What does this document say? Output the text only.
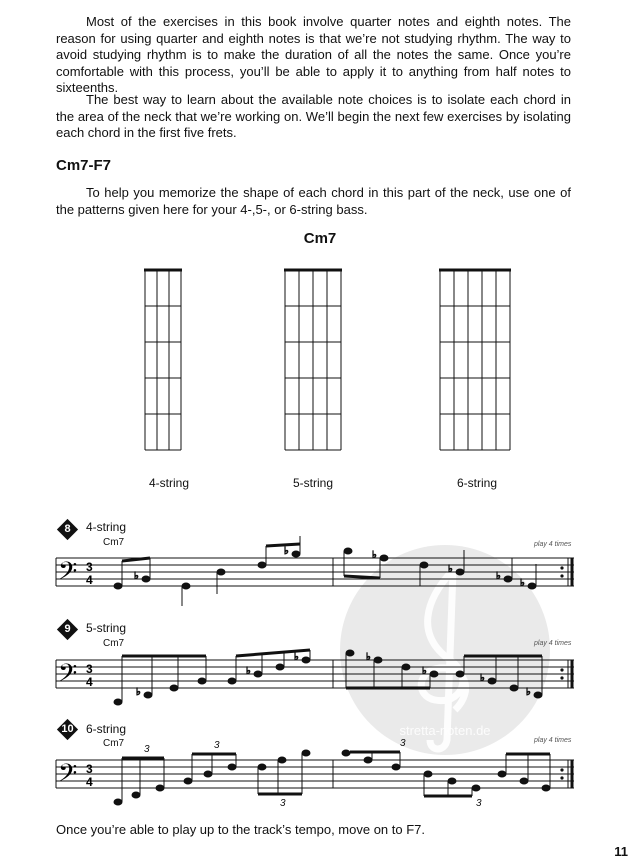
Most of the exercises in this book involve quarter notes and eighth notes. The reason for using quarter and eighth notes is that we’re not studying rhythm. The way to avoid studying rhythm is to make the duration of all the notes the same. Once you’re comfortable with this process, you’ll be able to apply it to anything from half notes to sixteenths.

The best way to learn about the available note choices is to isolate each chord in the area of the neck that we’re working on. We’ll begin the next few exercises by isolating each chord in the first five frets.

Cm7-F7

To help you memorize the shape of each chord in this part of the neck, use one of the patterns given here for your 4-,5-, or 6-string bass.

Cm7
4-string	5-string	6-string
stretta-noten.de
8	4-string
Cm7	play 4 times
𝄢 3
4	♭
♭	♭
♭
♭
♭
9	5-string
Cm7	play 4 times
𝄢 3
4
♭
♭
♭	♭
♭
♭
♭
10 6-string
Cm7	play 4 times
𝄢 3
4
3	3
3
3
3
Once you’re able to play up to the track’s tempo, move on to F7.
11
